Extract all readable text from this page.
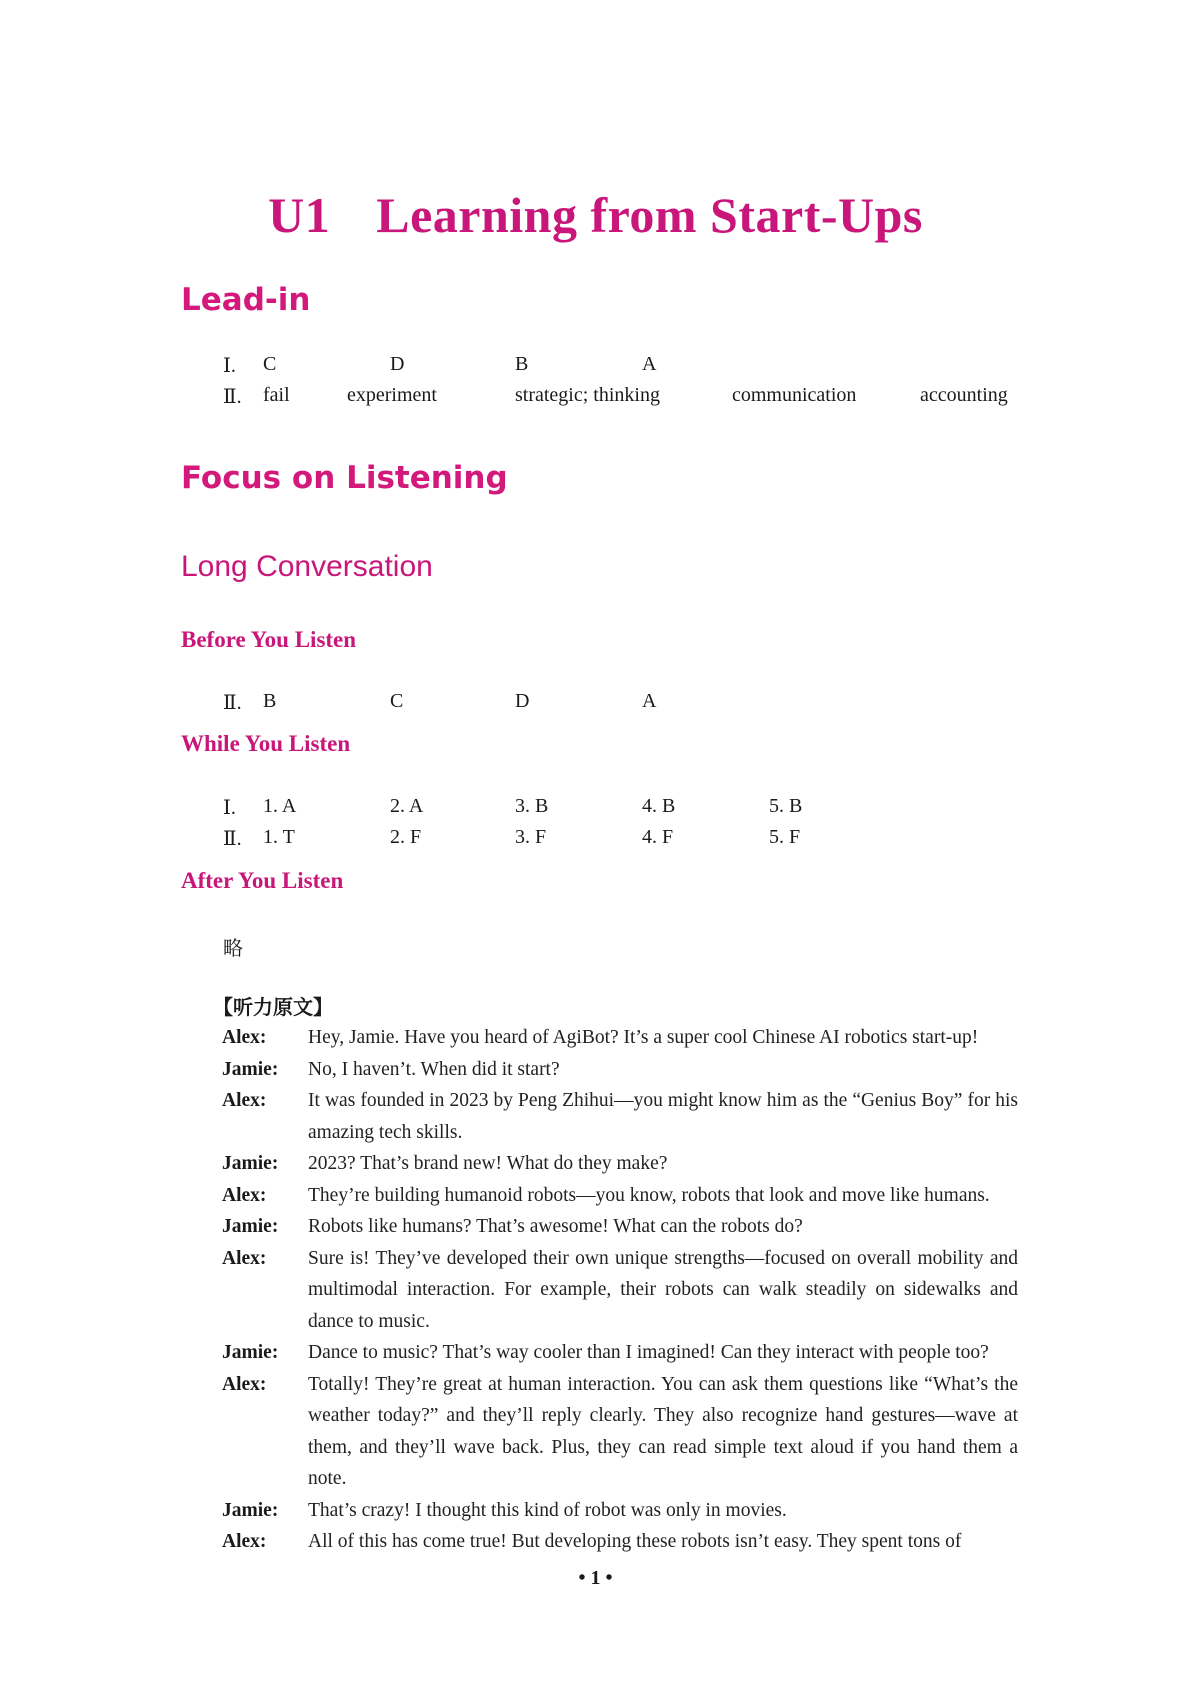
U1 Learning from Start-Ups
Lead-in
Ⅰ. C	D	B	A
Ⅱ. fail	experiment	strategic; thinking	communication	accounting
Focus on Listening
Long Conversation
Before You Listen
Ⅱ. B	C	D	A
While You Listen
Ⅰ. 1. A	2. A	3. B	4. B	5. B
Ⅱ. 1. T	2. F	3. F	4. F	5. F
After You Listen
略
【听力原文】
Alex:	Hey, Jamie. Have you heard of AgiBot? It’s a super cool Chinese AI robotics start-up!
Jamie:	No, I haven’t. When did it start?
Alex:	It was founded in 2023 by Peng Zhihui—you might know him as the “Genius Boy” for his amazing tech skills.
Jamie:	2023? That’s brand new! What do they make?
Alex:	They’re building humanoid robots—you know, robots that look and move like humans.
Jamie:	Robots like humans? That’s awesome! What can the robots do?
Alex:	Sure is! They’ve developed their own unique strengths—focused on overall mobility and multimodal interaction. For example, their robots can walk steadily on sidewalks and dance to music.
Jamie:	Dance to music? That’s way cooler than I imagined! Can they interact with people too?
Alex:	Totally! They’re great at human interaction. You can ask them questions like “What’s the weather today?” and they’ll reply clearly. They also recognize hand gestures—wave at them, and they’ll wave back. Plus, they can read simple text aloud if you hand them a note.
Jamie:	That’s crazy! I thought this kind of robot was only in movies.
Alex:	All of this has come true! But developing these robots isn’t easy. They spent tons of
• 1 •
